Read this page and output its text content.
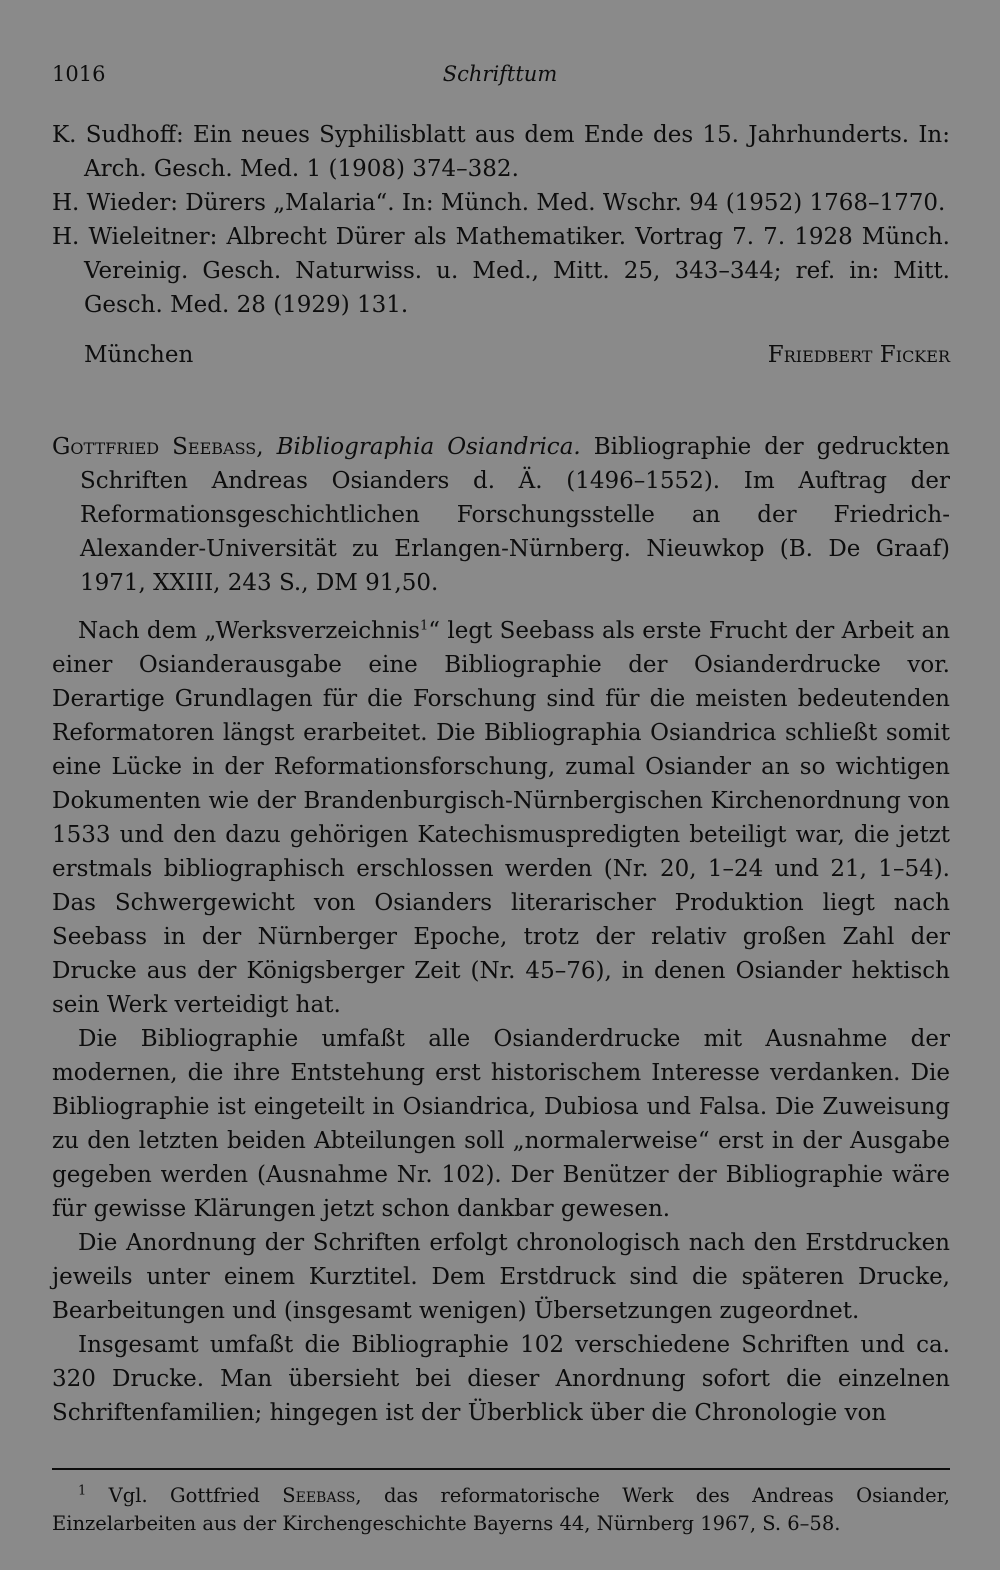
1016	Schrifttum

K. Sudhoff: Ein neues Syphilisblatt aus dem Ende des 15. Jahrhunderts. In: Arch. Gesch. Med. 1 (1908) 374–382.

H. Wieder: Dürers „Malaria“. In: Münch. Med. Wschr. 94 (1952) 1768–1770.

H. Wieleitner: Albrecht Dürer als Mathematiker. Vortrag 7. 7. 1928 Münch. Vereinig. Gesch. Naturwiss. u. Med., Mitt. 25, 343–344; ref. in: Mitt. Gesch. Med. 28 (1929) 131.

München	Friedbert Ficker

Gottfried Seebass, Bibliographia Osiandrica. Bibliographie der gedruckten Schriften Andreas Osianders d. Ä. (1496–1552). Im Auftrag der Reformationsgeschichtlichen Forschungsstelle an der Friedrich-Alexander-Universität zu Erlangen-Nürnberg. Nieuwkop (B. De Graaf) 1971, XXIII, 243 S., DM 91,50.

Nach dem „Werksverzeichnis$^1$“ legt Seebass als erste Frucht der Arbeit an einer Osianderausgabe eine Bibliographie der Osianderdrucke vor. Derartige Grundlagen für die Forschung sind für die meisten bedeutenden Reformatoren längst erarbeitet. Die Bibliographia Osiandrica schließt somit eine Lücke in der Reformationsforschung, zumal Osiander an so wichtigen Dokumenten wie der Brandenburgisch-Nürnbergischen Kirchenordnung von 1533 und den dazu gehörigen Katechismuspredigten beteiligt war, die jetzt erstmals bibliographisch erschlossen werden (Nr. 20, 1–24 und 21, 1–54). Das Schwergewicht von Osianders literarischer Produktion liegt nach Seebass in der Nürnberger Epoche, trotz der relativ großen Zahl der Drucke aus der Königsberger Zeit (Nr. 45–76), in denen Osiander hektisch sein Werk verteidigt hat.

Die Bibliographie umfaßt alle Osianderdrucke mit Ausnahme der modernen, die ihre Entstehung erst historischem Interesse verdanken. Die Bibliographie ist eingeteilt in Osiandrica, Dubiosa und Falsa. Die Zuweisung zu den letzten beiden Abteilungen soll „normalerweise“ erst in der Ausgabe gegeben werden (Ausnahme Nr. 102). Der Benützer der Bibliographie wäre für gewisse Klärungen jetzt schon dankbar gewesen.

Die Anordnung der Schriften erfolgt chronologisch nach den Erstdrucken jeweils unter einem Kurztitel. Dem Erstdruck sind die späteren Drucke, Bearbeitungen und (insgesamt wenigen) Übersetzungen zugeordnet.

Insgesamt umfaßt die Bibliographie 102 verschiedene Schriften und ca. 320 Drucke. Man übersieht bei dieser Anordnung sofort die einzelnen Schriftenfamilien; hingegen ist der Überblick über die Chronologie von

$^1$ Vgl. Gottfried Seebass, das reformatorische Werk des Andreas Osiander, Einzelarbeiten aus der Kirchengeschichte Bayerns 44, Nürnberg 1967, S. 6–58.
